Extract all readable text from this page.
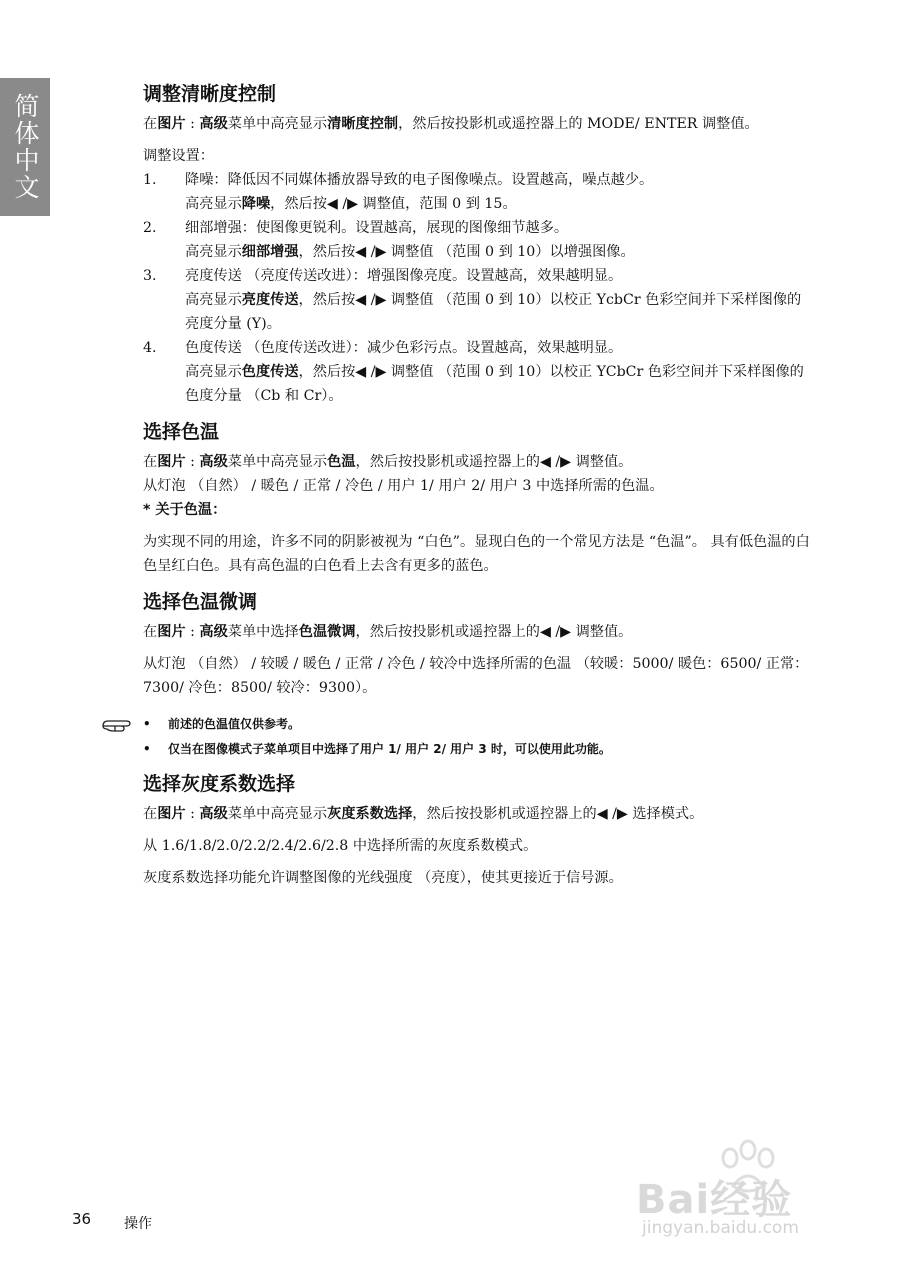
简体中文	调整清晰度控制

在图片 : 高级菜单中高亮显示清晰度控制，然后按投影机或遥控器上的 MODE/ ENTER 调整值。

调整设置：

1. 降噪：降低因不同媒体播放器导致的电子图像噪点。设置越高，噪点越少。
高亮显示降噪，然后按◀ /▶ 调整值，范围 0 到 15。
2. 细部增强：使图像更锐利。设置越高，展现的图像细节越多。
高亮显示细部增强，然后按◀ /▶ 调整值 （范围 0 到 10）以增强图像。
3. 亮度传送 （亮度传送改进）：增强图像亮度。设置越高，效果越明显。
高亮显示亮度传送，然后按◀ /▶ 调整值 （范围 0 到 10）以校正 YcbCr 色彩空间并下采样图像的亮度分量 (Y)。
4. 色度传送 （色度传送改进）：减少色彩污点。设置越高，效果越明显。
高亮显示色度传送，然后按◀ /▶ 调整值 （范围 0 到 10）以校正 YCbCr 色彩空间并下采样图像的色度分量 （Cb 和 Cr）。
选择色温

在图片 : 高级菜单中高亮显示色温，然后按投影机或遥控器上的◀ /▶ 调整值。

从灯泡 （自然） / 暖色 / 正常 / 冷色 / 用户 1/ 用户 2/ 用户 3 中选择所需的色温。

* 关于色温：

为实现不同的用途，许多不同的阴影被视为 “白色”。显现白色的一个常见方法是 “色温”。 具有低色温的白色呈红白色。具有高色温的白色看上去含有更多的蓝色。

选择色温微调

在图片 : 高级菜单中选择色温微调，然后按投影机或遥控器上的◀ /▶ 调整值。

从灯泡 （自然） / 较暖 / 暖色 / 正常 / 冷色 / 较冷中选择所需的色温 （较暖：5000/ 暖色：6500/ 正常：7300/ 冷色：8500/ 较冷：9300）。

• 前述的色温值仅供参考。
• 仅当在图像模式子菜单项目中选择了用户 1/ 用户 2/ 用户 3 时，可以使用此功能。
选择灰度系数选择

在图片 : 高级菜单中高亮显示灰度系数选择，然后按投影机或遥控器上的◀ /▶ 选择模式。

从 1.6/1.8/2.0/2.2/2.4/2.6/2.8 中选择所需的灰度系数模式。

灰度系数选择功能允许调整图像的光线强度 （亮度），使其更接近于信号源。

36 操作
Bai经验
jingyan.baidu.com
